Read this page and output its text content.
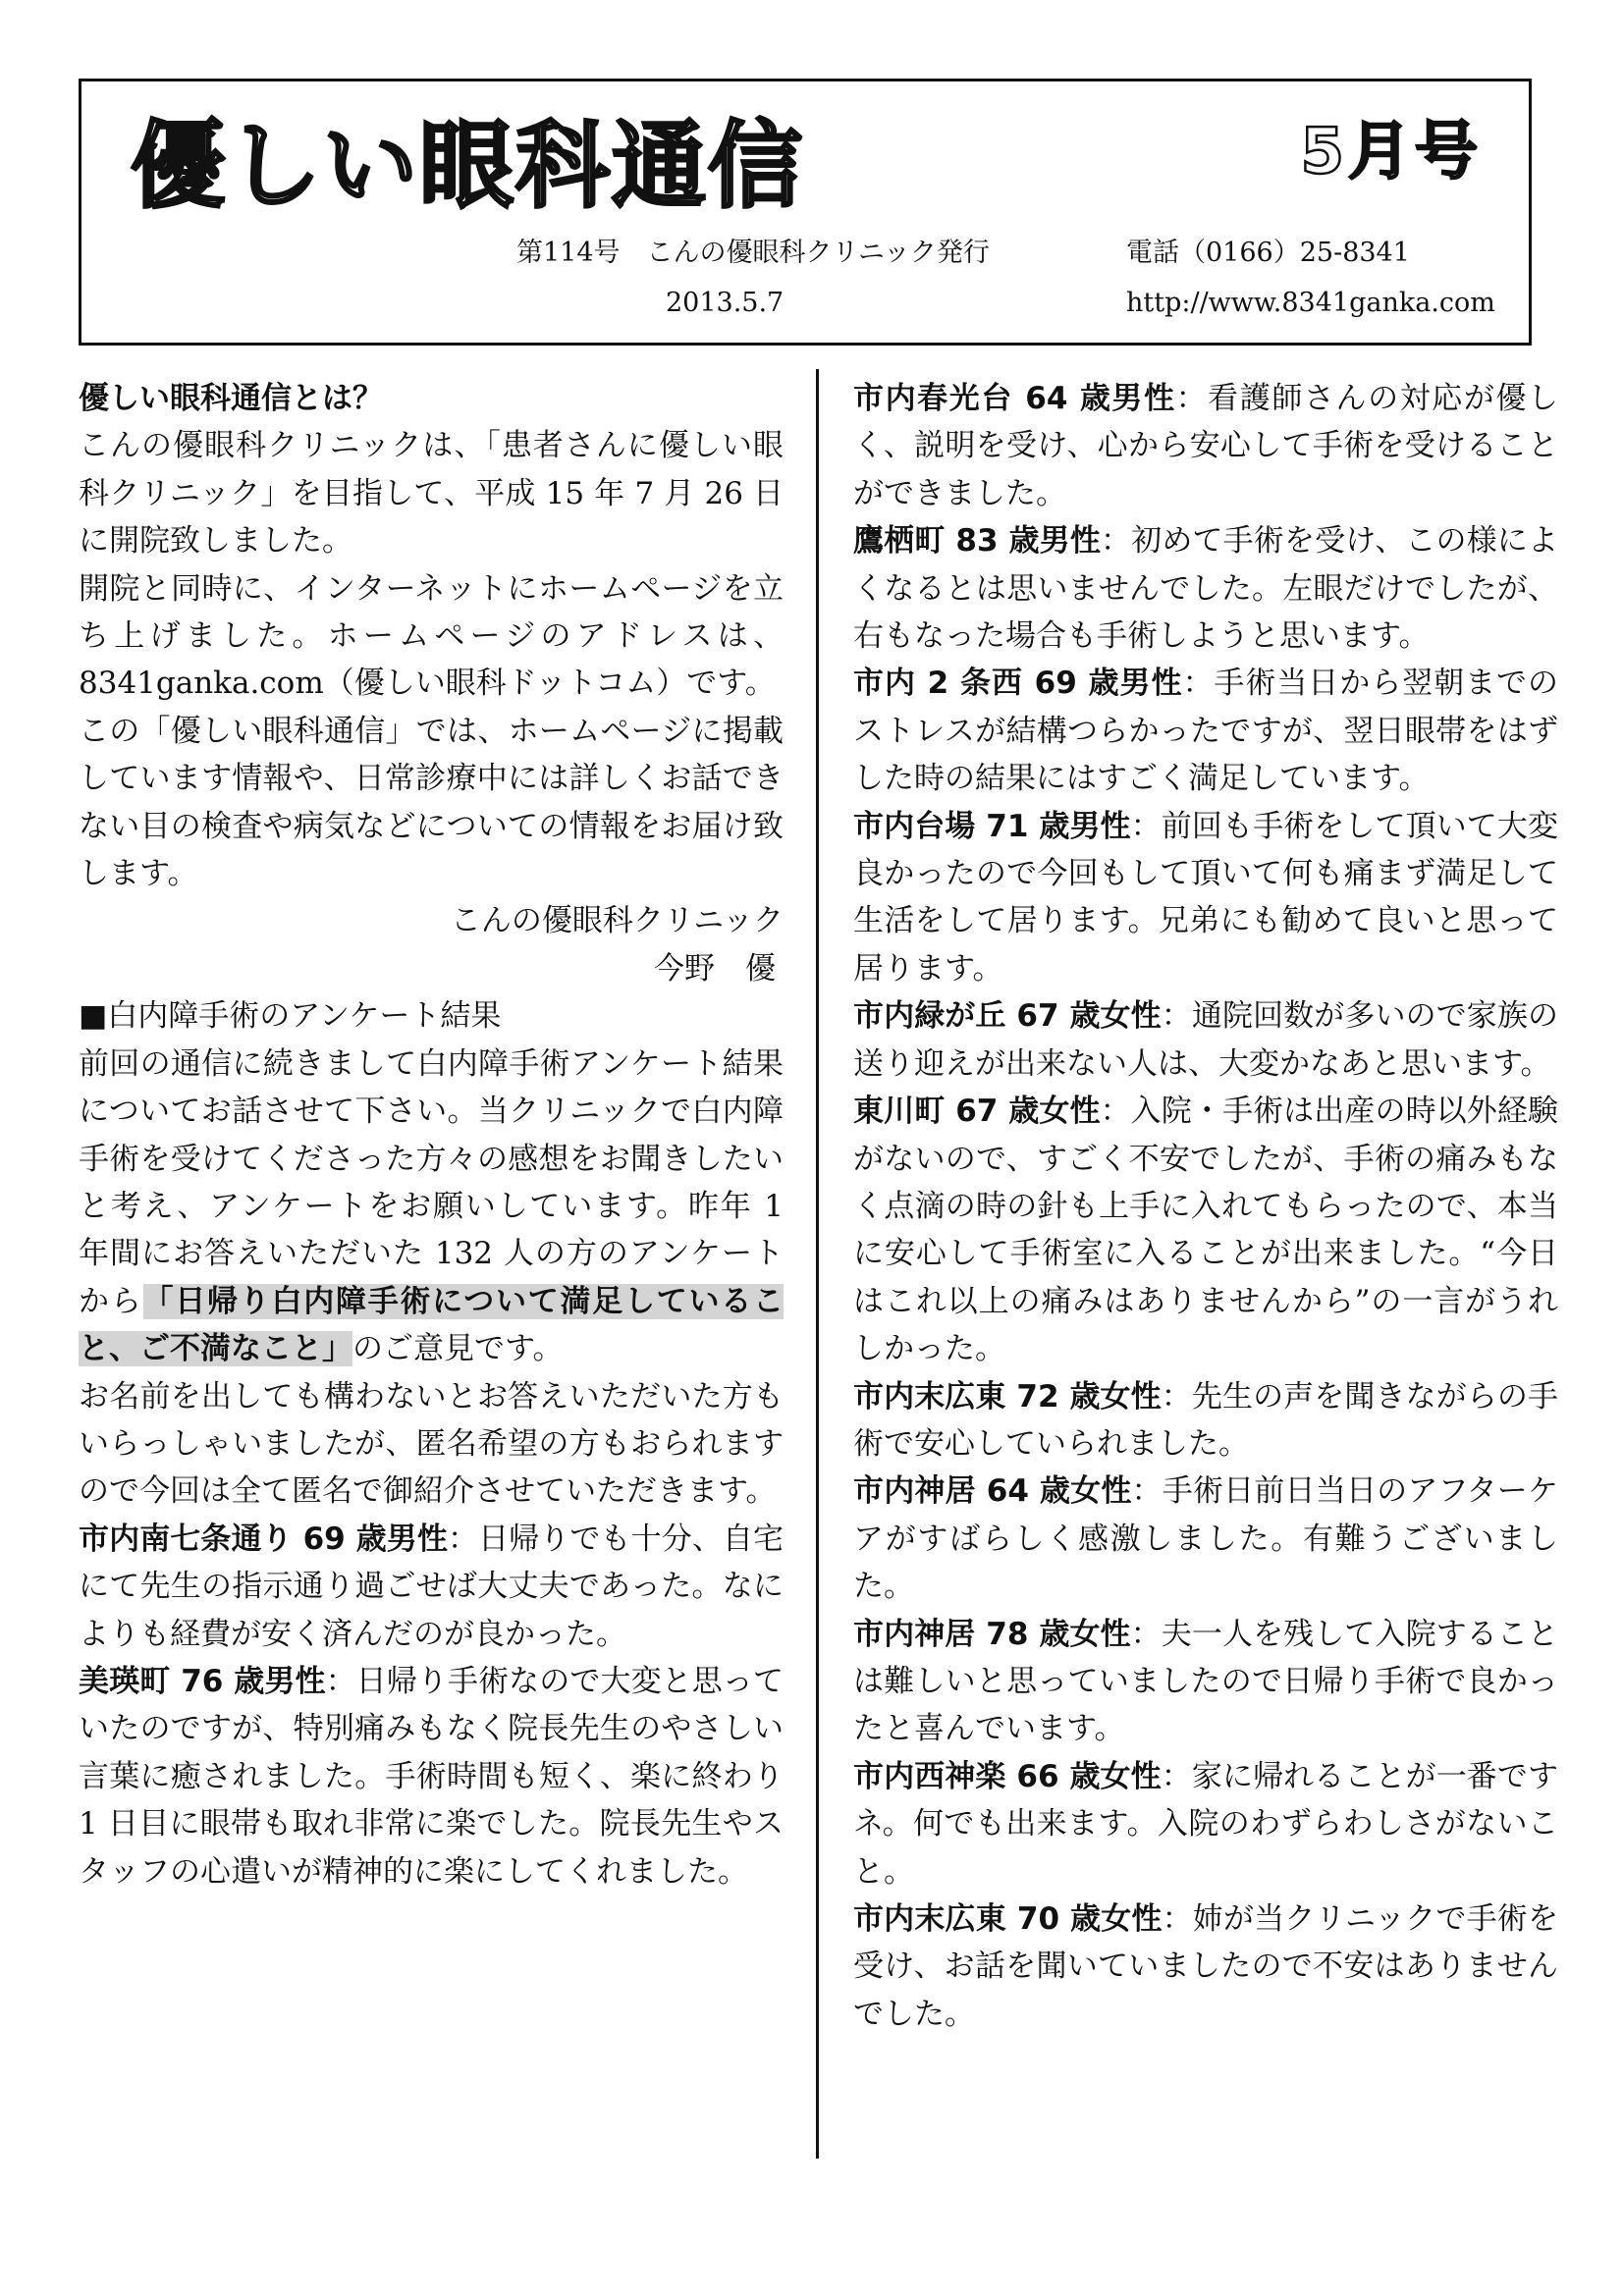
優しい眼科通信	5月号
第114号　こんの優眼科クリニック発行	電話（0166）25-8341
2013.5.7	http://www.8341ganka.com

優しい眼科通信とは？

こんの優眼科クリニックは、「患者さんに優しい眼科クリニック」を目指して、平成 15 年 7 月 26 日に開院致しました。

開院と同時に、インターネットにホームページを立ち上げました。ホームページのアドレスは、8341ganka.com（優しい眼科ドットコム）です。

この「優しい眼科通信」では、ホームページに掲載しています情報や、日常診療中には詳しくお話できない目の検査や病気などについての情報をお届け致します。

こんの優眼科クリニック

今野　優

■白内障手術のアンケート結果

前回の通信に続きまして白内障手術アンケート結果についてお話させて下さい。当クリニックで白内障手術を受けてくださった方々の感想をお聞きしたいと考え、アンケートをお願いしています。昨年 1 年間にお答えいただいた 132 人の方のアンケートから「日帰り白内障手術について満足していること、ご不満なこと」のご意見です。

お名前を出しても構わないとお答えいただいた方もいらっしゃいましたが、匿名希望の方もおられますので今回は全て匿名で御紹介させていただきます。

市内南七条通り 69 歳男性：日帰りでも十分、自宅にて先生の指示通り過ごせば大丈夫であった。なによりも経費が安く済んだのが良かった。

美瑛町 76 歳男性：日帰り手術なので大変と思っていたのですが、特別痛みもなく院長先生のやさしい言葉に癒されました。手術時間も短く、楽に終わり 1 日目に眼帯も取れ非常に楽でした。院長先生やスタッフの心遣いが精神的に楽にしてくれました。

市内春光台 64 歳男性：看護師さんの対応が優しく、説明を受け、心から安心して手術を受けることができました。

鷹栖町 83 歳男性：初めて手術を受け、この様によくなるとは思いませんでした。左眼だけでしたが、右もなった場合も手術しようと思います。

市内 2 条西 69 歳男性：手術当日から翌朝までのストレスが結構つらかったですが、翌日眼帯をはずした時の結果にはすごく満足しています。

市内台場 71 歳男性：前回も手術をして頂いて大変良かったので今回もして頂いて何も痛まず満足して生活をして居ります。兄弟にも勧めて良いと思って居ります。

市内緑が丘 67 歳女性：通院回数が多いので家族の送り迎えが出来ない人は、大変かなあと思います。

東川町 67 歳女性：入院・手術は出産の時以外経験がないので、すごく不安でしたが、手術の痛みもなく点滴の時の針も上手に入れてもらったので、本当に安心して手術室に入ることが出来ました。“今日はこれ以上の痛みはありませんから”の一言がうれしかった。

市内末広東 72 歳女性：先生の声を聞きながらの手術で安心していられました。

市内神居 64 歳女性：手術日前日当日のアフターケアがすばらしく感激しました。有難うございました。

市内神居 78 歳女性：夫一人を残して入院することは難しいと思っていましたので日帰り手術で良かったと喜んでいます。

市内西神楽 66 歳女性：家に帰れることが一番ですネ。何でも出来ます。入院のわずらわしさがないこと。

市内末広東 70 歳女性：姉が当クリニックで手術を受け、お話を聞いていましたので不安はありませんでした。
